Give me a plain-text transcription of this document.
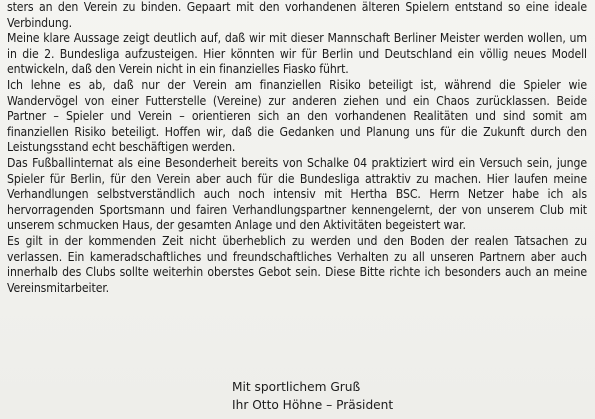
sters an den Verein zu binden. Gepaart mit den vorhandenen älteren Spielern entstand so eine ideale Verbindung.

Meine klare Aussage zeigt deutlich auf, daß wir mit dieser Mannschaft Berliner Meister werden wollen, um in die 2. Bundesliga aufzusteigen. Hier könnten wir für Berlin und Deutschland ein völlig neues Modell entwickeln, daß den Verein nicht in ein finanzielles Fiasko führt.

Ich lehne es ab, daß nur der Verein am finanziellen Risiko beteiligt ist, während die Spieler wie Wandervögel von einer Futterstelle (Vereine) zur anderen ziehen und ein Chaos zurücklassen. Beide Partner – Spieler und Verein – orientieren sich an den vorhandenen Realitäten und sind somit am finanziellen Risiko beteiligt. Hoffen wir, daß die Gedanken und Planung uns für die Zukunft durch den Leistungsstand echt beschäftigen werden.

Das Fußballinternat als eine Besonderheit bereits von Schalke 04 praktiziert wird ein Versuch sein, junge Spieler für Berlin, für den Verein aber auch für die Bundesliga attraktiv zu machen. Hier laufen meine Verhandlungen selbstverständlich auch noch intensiv mit Hertha BSC. Herrn Netzer habe ich als hervorragenden Sportsmann und fairen Verhandlungspartner kennengelernt, der von unserem Club mit unserem schmucken Haus, der gesamten Anlage und den Aktivitäten begeistert war.

Es gilt in der kommenden Zeit nicht überheblich zu werden und den Boden der realen Tatsachen zu verlassen. Ein kameradschaftliches und freundschaftliches Verhalten zu all unseren Partnern aber auch innerhalb des Clubs sollte weiterhin oberstes Gebot sein. Diese Bitte richte ich besonders auch an meine Vereinsmitarbeiter.

Mit sportlichem Gruß
Ihr Otto Höhne – Präsident
